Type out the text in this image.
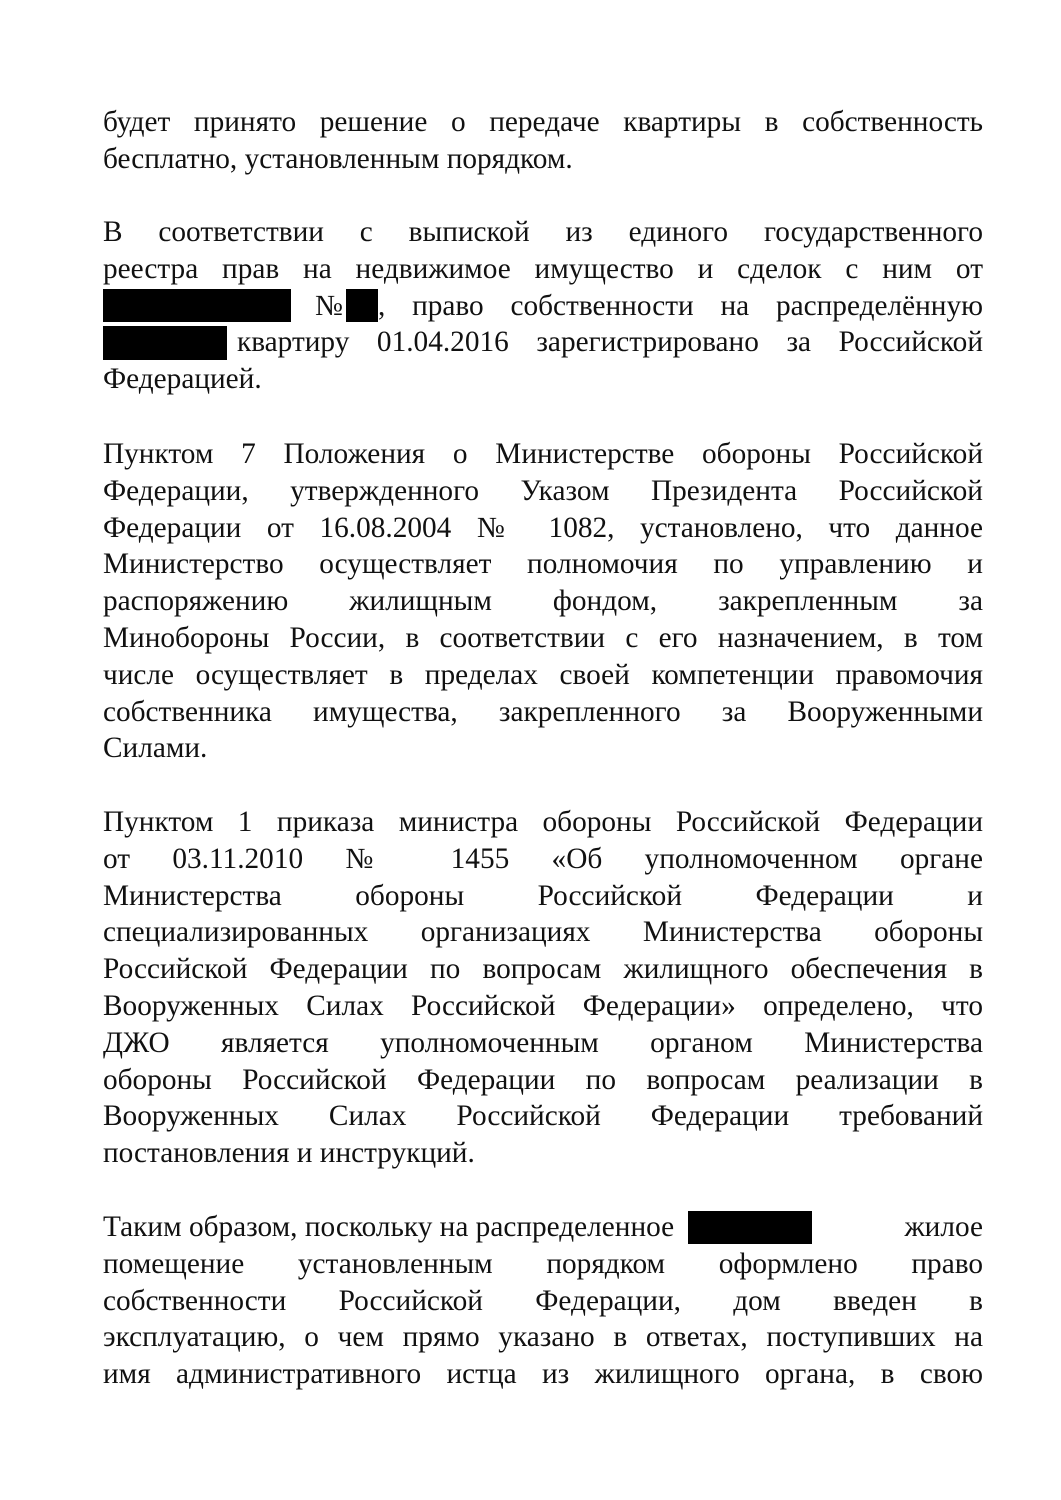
будет принято решение о передаче квартиры в собственность
бесплатно, установленным порядком.
В соответствии с выпиской из единого государственного
реестра прав на недвижимое имущество и сделок с ним от
№ , право собственности на распределённую
квартиру 01.04.2016 зарегистрировано за Российской
Федерацией.
Пунктом 7 Положения о Министерстве обороны Российской
Федерации, утвержденного Указом Президента Российской
Федерации от 16.08.2004 № 1082, установлено, что данное
Министерство осуществляет полномочия по управлению и
распоряжению жилищным фондом, закрепленным за
Минобороны России, в соответствии с его назначением, в том
числе осуществляет в пределах своей компетенции правомочия
собственника имущества, закрепленного за Вооруженными
Силами.
Пунктом 1 приказа министра обороны Российской Федерации
от 03.11.2010 № 1455 «Об уполномоченном органе
Министерства обороны Российской Федерации и
специализированных организациях Министерства обороны
Российской Федерации по вопросам жилищного обеспечения в
Вооруженных Силах Российской Федерации» определено, что
ДЖО является уполномоченным органом Министерства
обороны Российской Федерации по вопросам реализации в
Вооруженных Силах Российской Федерации требований
постановления и инструкций.
Таким образом, поскольку на распределенное	жилое
помещение установленным порядком оформлено право
собственности Российской Федерации, дом введен в
эксплуатацию, о чем прямо указано в ответах, поступивших на
имя административного истца из жилищного органа, в свою
